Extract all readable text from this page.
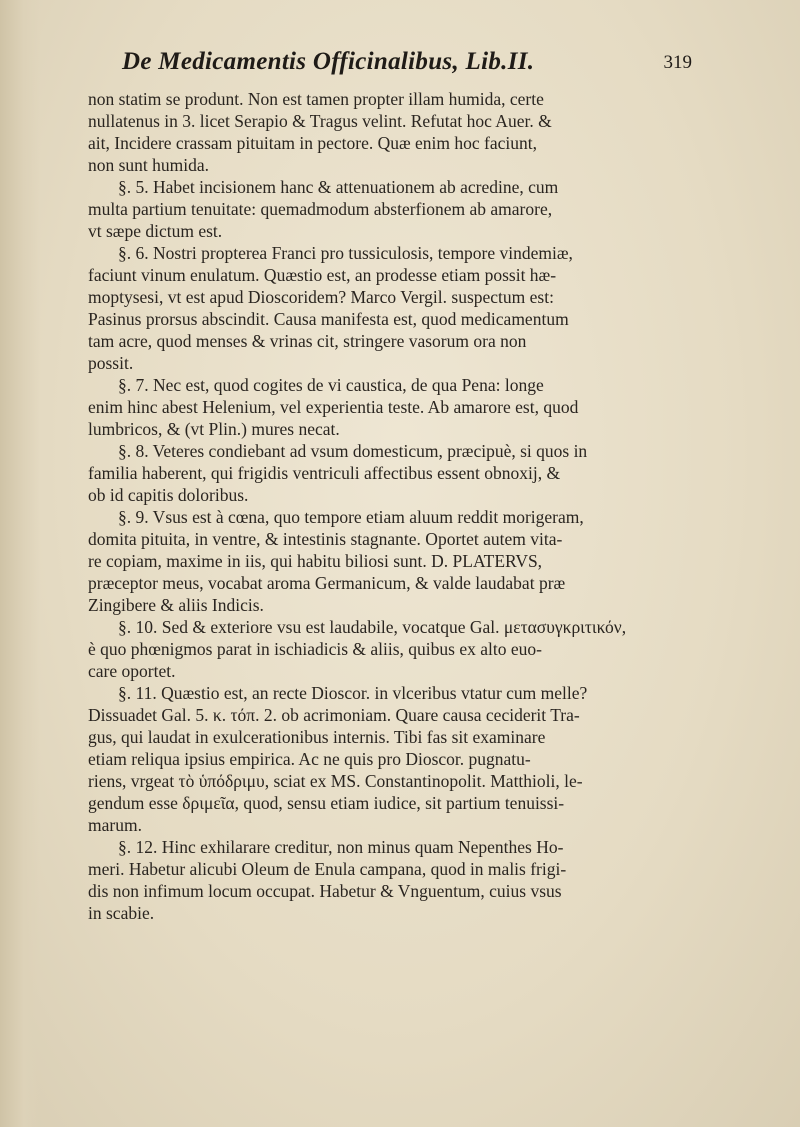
De Medicamentis Officinalibus, Lib.II.	319
non statim se produnt. Non est tamen propter illam humida, certe
nullatenus in 3. licet Serapio & Tragus velint. Refutat hoc Auer. &
ait, Incidere crassam pituitam in pectore. Quæ enim hoc faciunt,
non sunt humida.
§. 5. Habet incisionem hanc & attenuationem ab acredine, cum
multa partium tenuitate: quemadmodum absterfionem ab amarore,
vt sæpe dictum est.
§. 6. Nostri propterea Franci pro tussiculosis, tempore vindemiæ,
faciunt vinum enulatum. Quæstio est, an prodesse etiam possit hæ-
moptysesi, vt est apud Dioscoridem? Marco Vergil. suspectum est:
Pasinus prorsus abscindit. Causa manifesta est, quod medicamentum
tam acre, quod menses & vrinas cit, stringere vasorum ora non
possit.
§. 7. Nec est, quod cogites de vi caustica, de qua Pena: longe
enim hinc abest Helenium, vel experientia teste. Ab amarore est, quod
lumbricos, & (vt Plin.) mures necat.
§. 8. Veteres condiebant ad vsum domesticum, præcipuè, si quos in
familia haberent, qui frigidis ventriculi affectibus essent obnoxij, &
ob id capitis doloribus.
§. 9. Vsus est à cœna, quo tempore etiam aluum reddit morigeram,
domita pituita, in ventre, & intestinis stagnante. Oportet autem vita-
re copiam, maxime in iis, qui habitu biliosi sunt. D. PLATERVS,
præceptor meus, vocabat aroma Germanicum, & valde laudabat præ
Zingibere & aliis Indicis.
§. 10. Sed & exteriore vsu est laudabile, vocatque Gal. μετασυγκριτικόν,
è quo phœnigmos parat in ischiadicis & aliis, quibus ex alto euo-
care oportet.
§. 11. Quæstio est, an recte Dioscor. in vlceribus vtatur cum melle?
Dissuadet Gal. 5. κ. τόπ. 2. ob acrimoniam. Quare causa ceciderit Tra-
gus, qui laudat in exulcerationibus internis. Tibi fas sit examinare
etiam reliqua ipsius empirica. Ac ne quis pro Dioscor. pugnatu-
riens, vrgeat τὸ ὑπόδριμυ, sciat ex MS. Constantinopolit. Matthioli, le-
gendum esse δριμεῖα, quod, sensu etiam iudice, sit partium tenuissi-
marum.
§. 12. Hinc exhilarare creditur, non minus quam Nepenthes Ho-
meri. Habetur alicubi Oleum de Enula campana, quod in malis frigi-
dis non infimum locum occupat. Habetur & Vnguentum, cuius vsus
in scabie.
